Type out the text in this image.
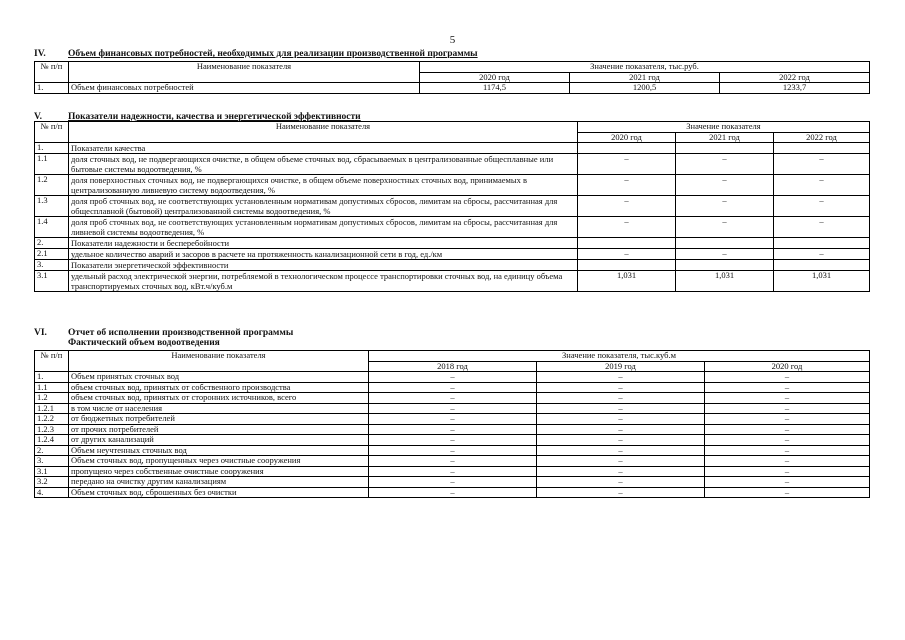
5
IV. Объем финансовых потребностей, необходимых для реализации производственной программы
№ п/п	Наименование показателя	Значение показателя, тыс.руб.		
		2020 год	2021 год	2022 год
1.	Объем финансовых потребностей	1174,5	1200,5	1233,7
V.	Показатели надежности, качества и энергетической эффективности
№ п/п	Наименование показателя	Значение показателя		
		2020 год	2021 год	2022 год
1.	Показатели качества			
1.1	доля сточных вод, не подвергающихся очистке, в общем объеме сточных вод, сбрасываемых в централизованные общесплавные или бытовые системы водоотведения, %	–	–	–
1.2	доля поверхностных сточных вод, не подвергающихся очистке, в общем объеме поверхностных сточных вод, принимаемых в централизованную ливневую систему водоотведения, %	–	–	–
1.3	доля проб сточных вод, не соответствующих установленным нормативам допустимых сбросов, лимитам на сбросы, рассчитанная для общесплавной (бытовой) централизованной системы водоотведения, %	–	–	–
1.4	доля проб сточных вод, не соответствующих установленным нормативам допустимых сбросов, лимитам на сбросы, рассчитанная для ливневой системы водоотведения, %	–	–	–
2.	Показатели надежности и бесперебойности			
2.1	удельное количество аварий и засоров в расчете на протяженность канализационной сети в год, ед./км	–	–	–
3.	Показатели энергетической эффективности			
3.1	удельный расход электрической энергии, потребляемой в технологическом процессе транспортировки сточных вод, на единицу объема транспортируемых сточных вод, кВт.ч/куб.м	1,031	1,031	1,031
VI. Отчет об исполнении производственной программы
Фактический объем водоотведения
№ п/п	Наименование показателя	Значение показателя, тыс.куб.м		
		2018 год	2019 год	2020 год
1.	Объем принятых сточных вод	–	–	–
1.1	объем сточных вод, принятых от собственного производства	–	–	–
1.2	объем сточных вод, принятых от сторонних источников, всего	–	–	–
1.2.1	в том числе от населения	–	–	–
1.2.2	от бюджетных потребителей	–	–	–
1.2.3	от прочих потребителей	–	–	–
1.2.4	от других канализаций	–	–	–
2.	Объем неучтенных сточных вод	–	–	–
3.	Объем сточных вод, пропущенных через очистные сооружения	–	–	–
3.1	пропущено через собственные очистные сооружения	–	–	–
3.2	передано на очистку другим канализациям	–	–	–
4.	Объем сточных вод, сброшенных без очистки	–	–	–
